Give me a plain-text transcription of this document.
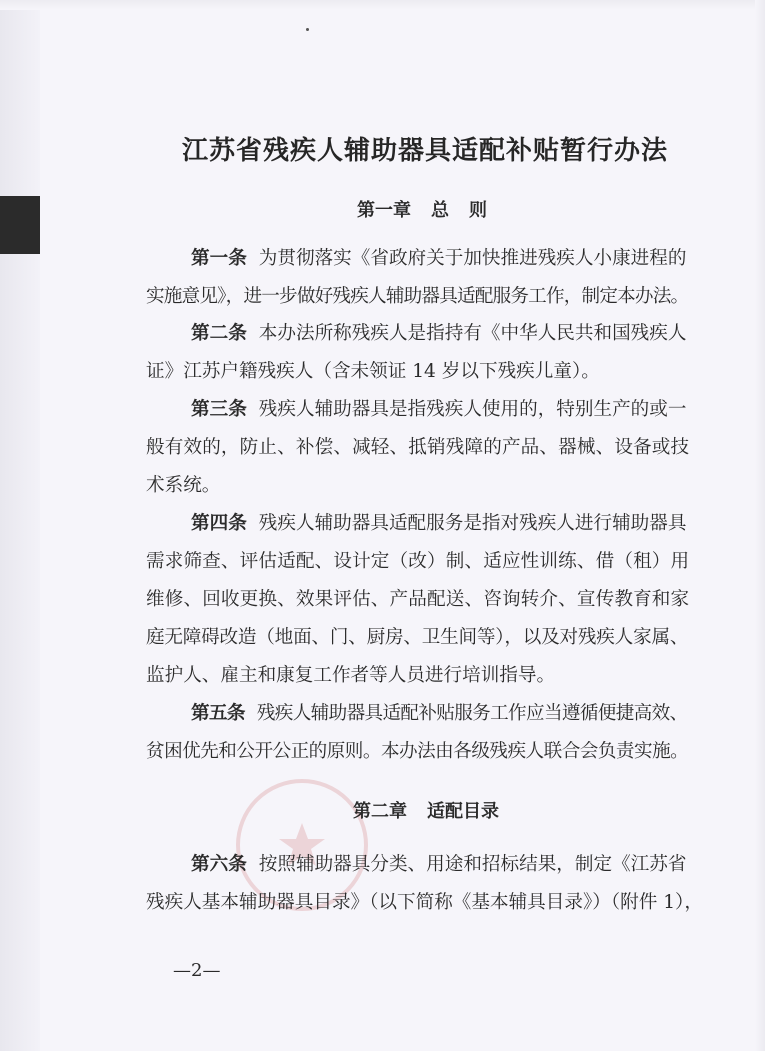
江苏省残疾人辅助器具适配补贴暂行办法
第一章 总 则
第一条 为贯彻落实《省政府关于加快推进残疾人小康进程的
实施意见》，进一步做好残疾人辅助器具适配服务工作，制定本办法。
第二条 本办法所称残疾人是指持有《中华人民共和国残疾人
证》江苏户籍残疾人（含未领证 14 岁以下残疾儿童）。
第三条 残疾人辅助器具是指残疾人使用的，特别生产的或一
般有效的，防止、补偿、减轻、抵销残障的产品、器械、设备或技
术系统。
第四条 残疾人辅助器具适配服务是指对残疾人进行辅助器具
需求筛查、评估适配、设计定（改）制、适应性训练、借（租）用
维修、回收更换、效果评估、产品配送、咨询转介、宣传教育和家
庭无障碍改造（地面、门、厨房、卫生间等），以及对残疾人家属、
监护人、雇主和康复工作者等人员进行培训指导。
第五条 残疾人辅助器具适配补贴服务工作应当遵循便捷高效、
贫困优先和公开公正的原则。本办法由各级残疾人联合会负责实施。
第六条 按照辅助器具分类、用途和招标结果，制定《江苏省
残疾人基本辅助器具目录》（以下简称《基本辅具目录》）（附件 1），
第二章 适配目录
—2—
